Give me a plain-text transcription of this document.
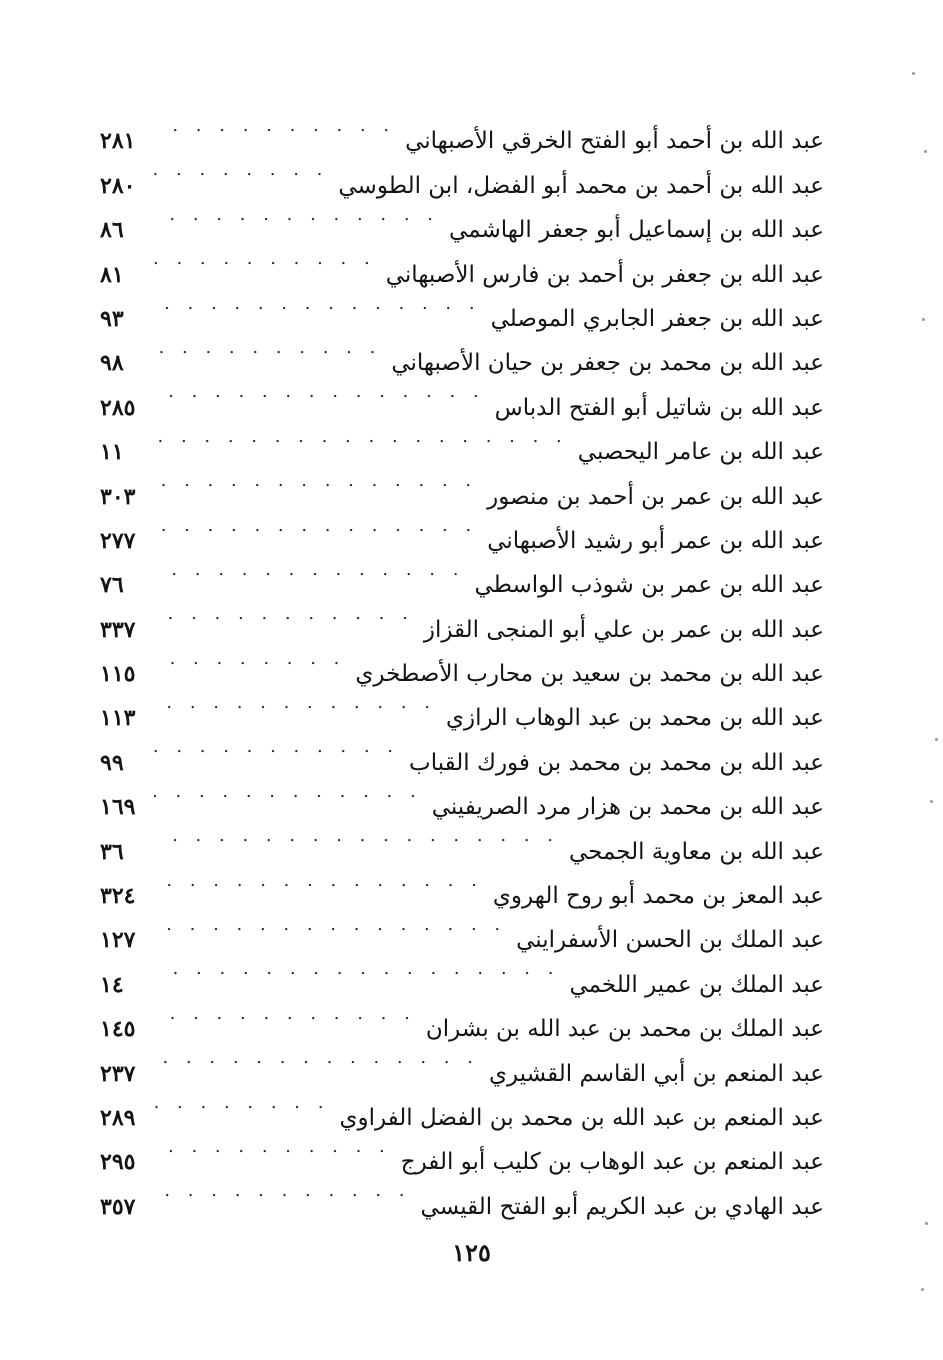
عبد الله بن أحمد أبو الفتح الخرقي الأصبهاني
. . .
٢٨١
عبد الله بن أحمد بن محمد أبو الفضل، ابن الطوسي
. . .
٢٨٠
عبد الله بن إسماعيل أبو جعفر الهاشمي
. . .
٨٦
عبد الله بن جعفر بن أحمد بن فارس الأصبهاني
. . .
٨١
عبد الله بن جعفر الجابري الموصلي
. . .
٩٣
عبد الله بن محمد بن جعفر بن حيان الأصبهاني
. . .
٩٨
عبد الله بن شاتيل أبو الفتح الدباس
. . .
٢٨٥
عبد الله بن عامر اليحصبي
. . .
١١
عبد الله بن عمر بن أحمد بن منصور
. . .
٣٠٣
عبد الله بن عمر أبو رشيد الأصبهاني
. . .
٢٧٧
عبد الله بن عمر بن شوذب الواسطي
. . .
٧٦
عبد الله بن عمر بن علي أبو المنجى القزاز
. . .
٣٣٧
عبد الله بن محمد بن سعيد بن محارب الأصطخري
. . .
١١٥
عبد الله بن محمد بن عبد الوهاب الرازي
. . .
١١٣
عبد الله بن محمد بن محمد بن فورك القباب
. . .
٩٩
عبد الله بن محمد بن هزار مرد الصريفيني
. . .
١٦٩
عبد الله بن معاوية الجمحي
. . .
٣٦
عبد المعز بن محمد أبو روح الهروي
. . .
٣٢٤
عبد الملك بن الحسن الأسفرايني
. . .
١٢٧
عبد الملك بن عمير اللخمي
. . .
١٤
عبد الملك بن محمد بن عبد الله بن بشران
. . .
١٤٥
عبد المنعم بن أبي القاسم القشيري
. . .
٢٣٧
عبد المنعم بن عبد الله بن محمد بن الفضل الفراوي
. . .
٢٨٩
عبد المنعم بن عبد الوهاب بن كليب أبو الفرج
. . .
٢٩٥
عبد الهادي بن عبد الكريم أبو الفتح القيسي
. . .
٣٥٧
١٢٥
